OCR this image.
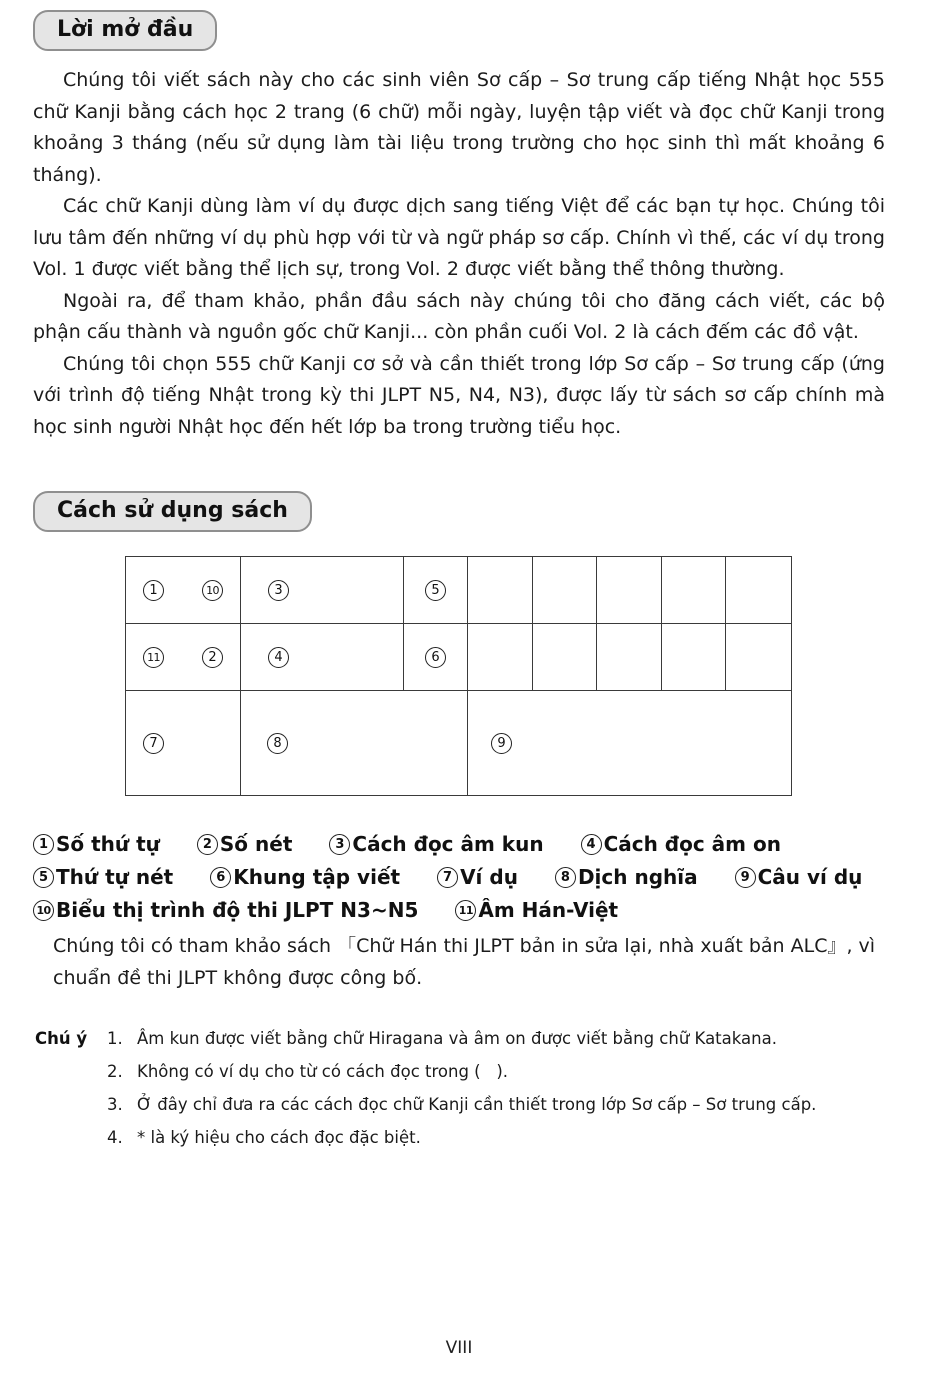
Lời mở đầu

Chúng tôi viết sách này cho các sinh viên Sơ cấp – Sơ trung cấp tiếng Nhật học 555 chữ Kanji bằng cách học 2 trang (6 chữ) mỗi ngày, luyện tập viết và đọc chữ Kanji trong khoảng 3 tháng (nếu sử dụng làm tài liệu trong trường cho học sinh thì mất khoảng 6 tháng).

Các chữ Kanji dùng làm ví dụ được dịch sang tiếng Việt để các bạn tự học. Chúng tôi lưu tâm đến những ví dụ phù hợp với từ và ngữ pháp sơ cấp. Chính vì thế, các ví dụ trong Vol. 1 được viết bằng thể lịch sự, trong Vol. 2 được viết bằng thể thông thường.

Ngoài ra, để tham khảo, phần đầu sách này chúng tôi cho đăng cách viết, các bộ phận cấu thành và nguồn gốc chữ Kanji... còn phần cuối Vol. 2 là cách đếm các đồ vật.

Chúng tôi chọn 555 chữ Kanji cơ sở và cần thiết trong lớp Sơ cấp – Sơ trung cấp (ứng với trình độ tiếng Nhật trong kỳ thi JLPT N5, N4, N3), được lấy từ sách sơ cấp chính mà học sinh người Nhật học đến hết lớp ba trong trường tiểu học.

Cách sử dụng sách
1	10	3	5
11	2	4	6
7	8	9
1 Số thứ tự	2 Số nét	3 Cách đọc âm kun	4 Cách đọc âm on
5 Thứ tự nét	6 Khung tập viết	7 Ví dụ	8 Dịch nghĩa	9 Câu ví dụ
10 Biểu thị trình độ thi JLPT N3~N5	11 Âm Hán-Việt

Chúng tôi có tham khảo sách 「Chữ Hán thi JLPT bản in sửa lại, nhà xuất bản ALC』, vì chuẩn đề thi JLPT không được công bố.

Chú ý	1. Âm kun được viết bằng chữ Hiragana và âm on được viết bằng chữ Katakana.
2. Không có ví dụ cho từ có cách đọc trong (   ).
3. Ở đây chỉ đưa ra các cách đọc chữ Kanji cần thiết trong lớp Sơ cấp – Sơ trung cấp.
4. * là ký hiệu cho cách đọc đặc biệt.
VIII
